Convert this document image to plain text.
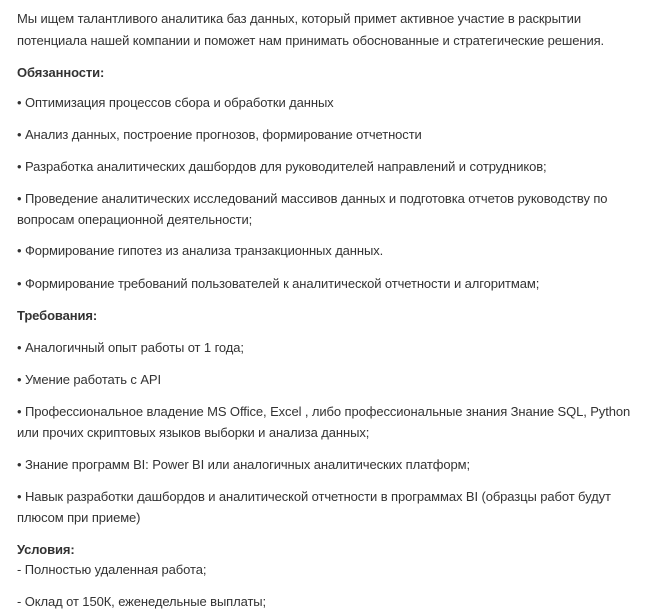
Мы ищем талантливого аналитика баз данных, который примет активное участие в раскрытии
потенциала нашей компании и поможет нам принимать обоснованные и стратегические решения.
Обязанности:
• Оптимизация процессов сбора и обработки данных
• Анализ данных, построение прогнозов, формирование отчетности
• Разработка аналитических дашбордов для руководителей направлений и сотрудников;
• Проведение аналитических исследований массивов данных и подготовка отчетов руководству по
вопросам операционной деятельности;
• Формирование гипотез из анализа транзакционных данных.
• Формирование требований пользователей к аналитической отчетности и алгоритмам;
Требования:
• Аналогичный опыт работы от 1 года;
• Умение работать с API
• Профессиональное владение MS Office, Excel , либо профессиональные знания Знание SQL, Python
или прочих скриптовых языков выборки и анализа данных;
• Знание программ BI: Power BI или аналогичных аналитических платформ;
• Навык разработки дашбордов и аналитической отчетности в программах BI (образцы работ будут
плюсом при приеме)
Условия:
- Полностью удаленная работа;
- Оклад от 150К, еженедельные выплаты;
